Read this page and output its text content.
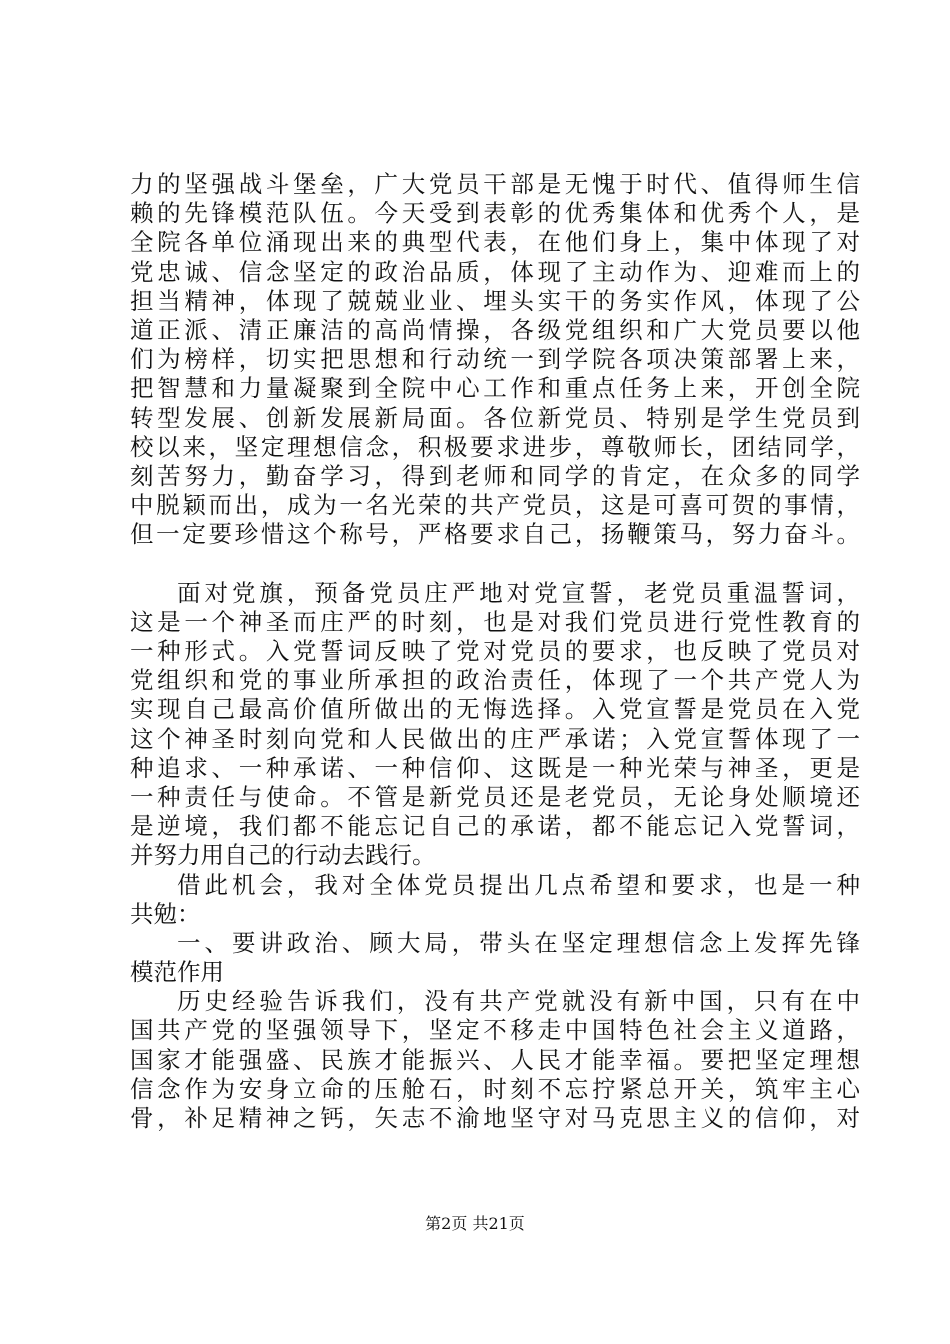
力的坚强战斗堡垒，广大党员干部是无愧于时代、值得师生信
赖的先锋模范队伍。今天受到表彰的优秀集体和优秀个人，是
全院各单位涌现出来的典型代表，在他们身上，集中体现了对
党忠诚、信念坚定的政治品质，体现了主动作为、迎难而上的
担当精神，体现了兢兢业业、埋头实干的务实作风，体现了公
道正派、清正廉洁的高尚情操，各级党组织和广大党员要以他
们为榜样，切实把思想和行动统一到学院各项决策部署上来，
把智慧和力量凝聚到全院中心工作和重点任务上来，开创全院
转型发展、创新发展新局面。各位新党员、特别是学生党员到
校以来，坚定理想信念，积极要求进步，尊敬师长，团结同学，
刻苦努力，勤奋学习，得到老师和同学的肯定，在众多的同学
中脱颖而出，成为一名光荣的共产党员，这是可喜可贺的事情，
但一定要珍惜这个称号，严格要求自己，扬鞭策马，努力奋斗。
面对党旗，预备党员庄严地对党宣誓，老党员重温誓词，
这是一个神圣而庄严的时刻，也是对我们党员进行党性教育的
一种形式。入党誓词反映了党对党员的要求，也反映了党员对
党组织和党的事业所承担的政治责任，体现了一个共产党人为
实现自己最高价值所做出的无悔选择。入党宣誓是党员在入党
这个神圣时刻向党和人民做出的庄严承诺；入党宣誓体现了一
种追求、一种承诺、一种信仰、这既是一种光荣与神圣，更是
一种责任与使命。不管是新党员还是老党员，无论身处顺境还
是逆境，我们都不能忘记自己的承诺，都不能忘记入党誓词，
并努力用自己的行动去践行。
借此机会，我对全体党员提出几点希望和要求，也是一种
共勉：
一、要讲政治、顾大局，带头在坚定理想信念上发挥先锋
模范作用
历史经验告诉我们，没有共产党就没有新中国，只有在中
国共产党的坚强领导下，坚定不移走中国特色社会主义道路，
国家才能强盛、民族才能振兴、人民才能幸福。要把坚定理想
信念作为安身立命的压舱石，时刻不忘拧紧总开关，筑牢主心
骨，补足精神之钙，矢志不渝地坚守对马克思主义的信仰，对
第2页 共21页
